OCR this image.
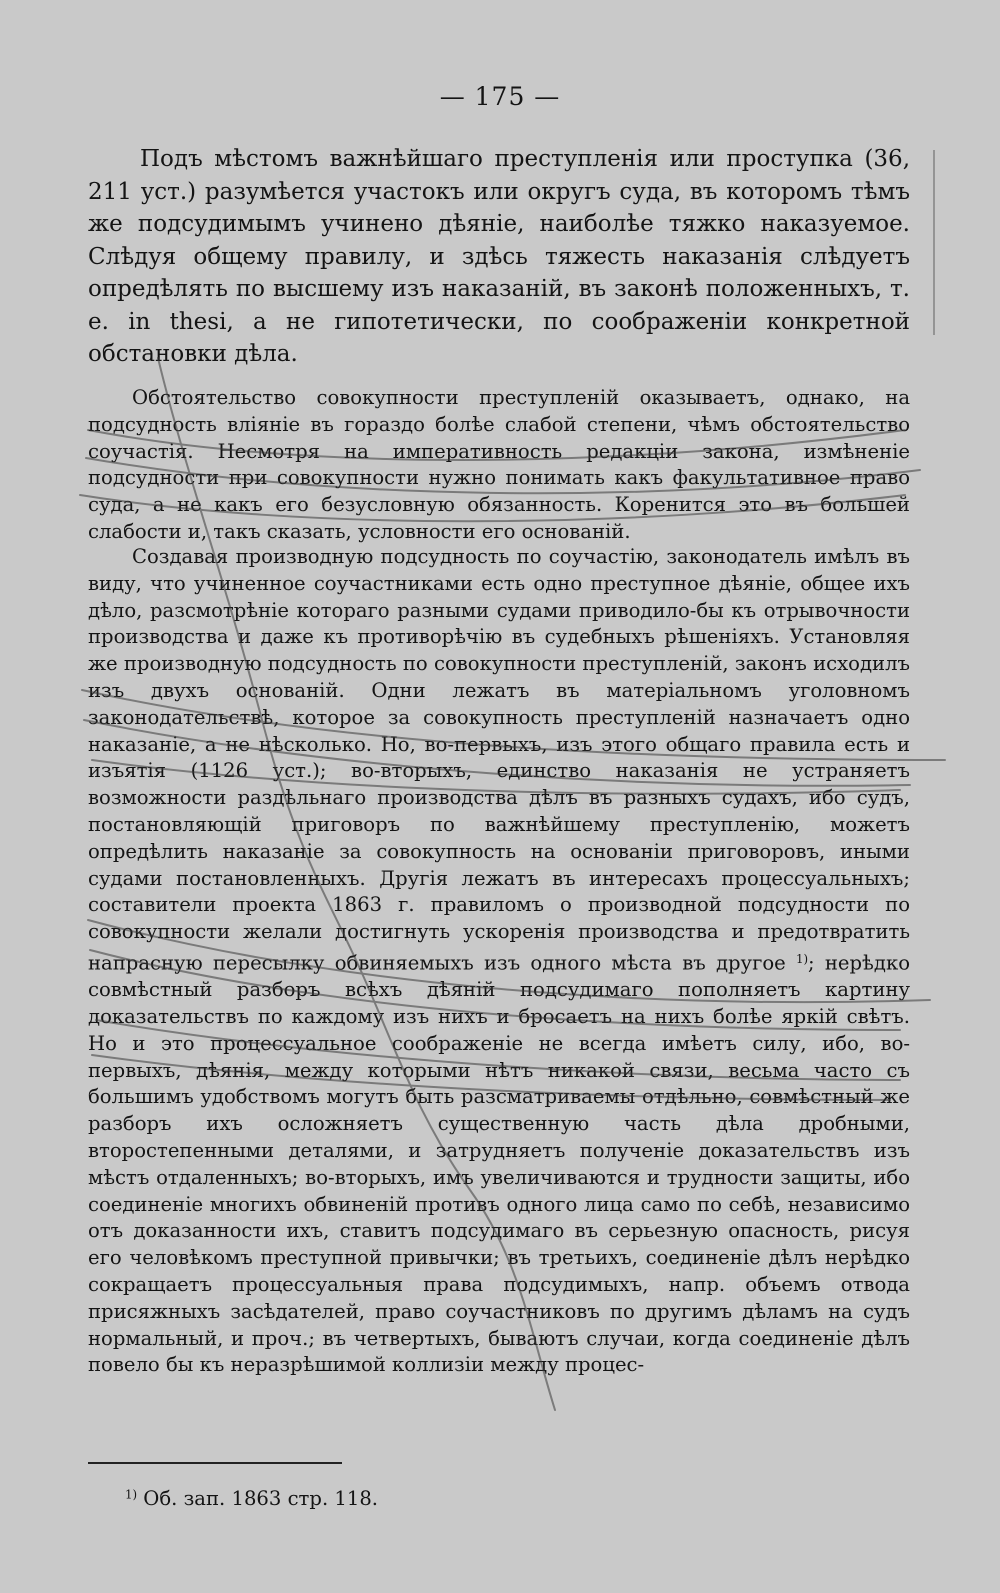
— 175 —

Подъ мѣстомъ важнѣйшаго преступленія или проступка (36, 211 уст.) разумѣется участокъ или округъ суда, въ которомъ тѣмъ же подсудимымъ учинено дѣяніе, наиболѣе тяжко наказуемое. Слѣдуя общему правилу, и здѣсь тяжесть наказанія слѣдуетъ опредѣлять по высшему изъ наказаній, въ законѣ положенныхъ, т. е. in thesi, а не гипотетически, по соображеніи конкретной обстановки дѣла.

Обстоятельство совокупности преступленій оказываетъ, однако, на подсудность вліяніе въ гораздо болѣе слабой степени, чѣмъ обстоятельство соучастія. Несмотря на императивность редакціи закона, измѣненіе подсудности при совокупности нужно понимать какъ факультативное право суда, а не какъ его безусловную обязанность. Коренится это въ большей слабости и, такъ сказать, условности его основаній.

Создавая производную подсудность по соучастію, законодатель имѣлъ въ виду, что учиненное соучастниками есть одно преступное дѣяніе, общее ихъ дѣло, разсмотрѣніе котораго разными судами приводило-бы къ отрывочности производства и даже къ противорѣчію въ судебныхъ рѣшеніяхъ. Установляя же производную подсудность по совокупности преступленій, законъ исходилъ изъ двухъ основаній. Одни лежатъ въ матеріальномъ уголовномъ законодательствѣ, которое за совокупность преступленій назначаетъ одно наказаніе, а не нѣсколько. Но, во-первыхъ, изъ этого общаго правила есть и изъятія (1126 уст.); во-вторыхъ, единство наказанія не устраняетъ возможности раздѣльнаго производства дѣлъ въ разныхъ судахъ, ибо судъ, постановляющій приговоръ по важнѣйшему преступленію, можетъ опредѣлить наказаніе за совокупность на основаніи приговоровъ, иными судами постановленныхъ. Другія лежатъ въ интересахъ процессуальныхъ; составители проекта 1863 г. правиломъ о производной подсудности по совокупности желали достигнуть ускоренія производства и предотвратить напрасную пересылку обвиняемыхъ изъ одного мѣста въ другое $^{1)}$; нерѣдко совмѣстный разборъ всѣхъ дѣяній подсудимаго пополняетъ картину доказательствъ по каждому изъ нихъ и бросаетъ на нихъ болѣе яркій свѣтъ. Но и это процессуальное соображеніе не всегда имѣетъ силу, ибо, во-первыхъ, дѣянія, между которыми нѣтъ никакой связи, весьма часто съ большимъ удобствомъ могутъ быть разсматриваемы отдѣльно, совмѣстный же разборъ ихъ осложняетъ существенную часть дѣла дробными, второстепенными деталями, и затрудняетъ полученіе доказательствъ изъ мѣстъ отдаленныхъ; во-вторыхъ, имъ увеличиваются и трудности защиты, ибо соединеніе многихъ обвиненій противъ одного лица само по себѣ, независимо отъ доказанности ихъ, ставитъ подсудимаго въ серьезную опасность, рисуя его человѣкомъ преступной привычки; въ третьихъ, соединеніе дѣлъ нерѣдко сокращаетъ процессуальныя права подсудимыхъ, напр. объемъ отвода присяжныхъ засѣдателей, право соучастниковъ по другимъ дѣламъ на судъ нормальный, и проч.; въ четвертыхъ, бываютъ случаи, когда соединеніе дѣлъ повело бы къ неразрѣшимой коллизіи между процес-

$^{1)}$ Об. зап. 1863 стр. 118.
